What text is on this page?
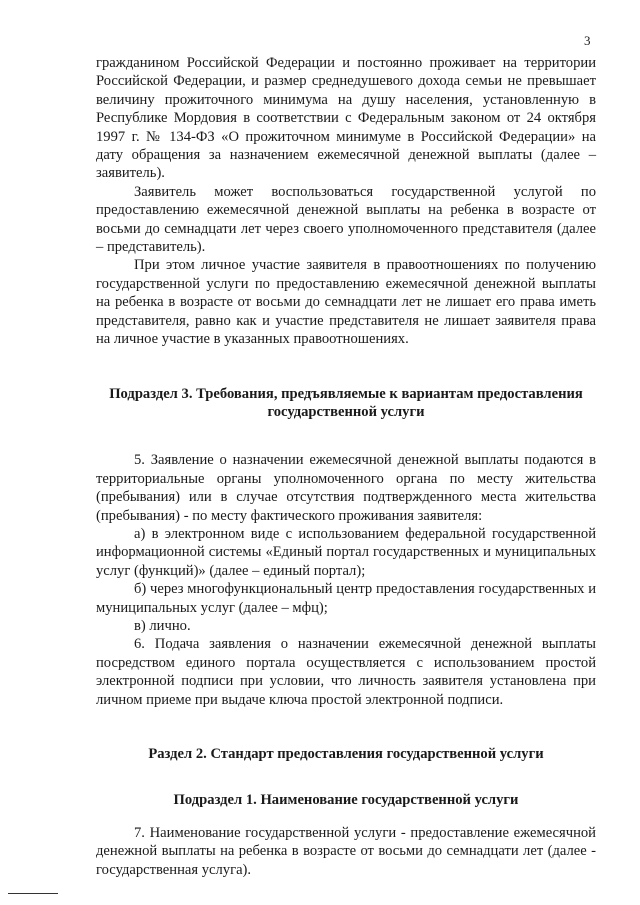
3

гражданином Российской Федерации и постоянно проживает на территории Российской Федерации, и размер среднедушевого дохода семьи не превышает величину прожиточного минимума на душу населения, установленную в Республике Мордовия в соответствии с Федеральным законом от 24 октября 1997 г. № 134-ФЗ «О прожиточном минимуме в Российской Федерации» на дату обращения за назначением ежемесячной денежной выплаты (далее – заявитель).

Заявитель может воспользоваться государственной услугой по предоставлению ежемесячной денежной выплаты на ребенка в возрасте от восьми до семнадцати лет через своего уполномоченного представителя (далее – представитель).

При этом личное участие заявителя в правоотношениях по получению государственной услуги по предоставлению ежемесячной денежной выплаты на ребенка в возрасте от восьми до семнадцати лет не лишает его права иметь представителя, равно как и участие представителя не лишает заявителя права на личное участие в указанных правоотношениях.

Подраздел 3. Требования, предъявляемые к вариантам предоставления

государственной услуги

5. Заявление о назначении ежемесячной денежной выплаты подаются в территориальные органы уполномоченного органа по месту жительства (пребывания) или в случае отсутствия подтвержденного места жительства (пребывания) - по месту фактического проживания заявителя:

а) в электронном виде с использованием федеральной государственной информационной системы «Единый портал государственных и муниципальных услуг (функций)» (далее – единый портал);

б) через многофункциональный центр предоставления государственных и муниципальных услуг (далее – мфц);

в) лично.

6. Подача заявления о назначении ежемесячной денежной выплаты посредством единого портала осуществляется с использованием простой электронной подписи при условии, что личность заявителя установлена при личном приеме при выдаче ключа простой электронной подписи.

Раздел 2. Стандарт предоставления государственной услуги

Подраздел 1. Наименование государственной услуги

7. Наименование государственной услуги - предоставление ежемесячной денежной выплаты на ребенка в возрасте от восьми до семнадцати лет (далее - государственная услуга).
